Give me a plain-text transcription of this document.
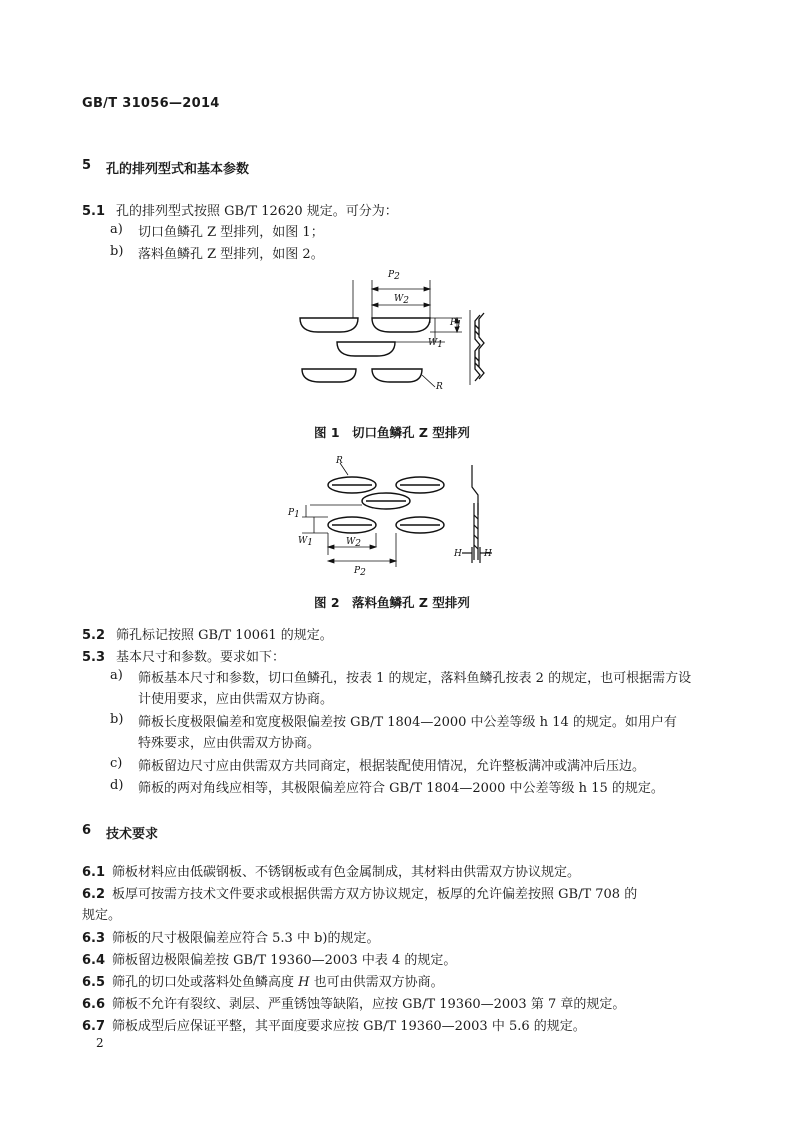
GB/T 31056—2014
5 孔的排列型式和基本参数
5.1 孔的排列型式按照 GB/T 12620 规定。可分为：
a) 切口鱼鳞孔 Z 型排列，如图 1；
b) 落料鱼鳞孔 Z 型排列，如图 2。
P2
W2
P1
W1
R
图 1　切口鱼鳞孔 Z 型排列
R
P1
W1	W2
P2
H H
图 2　落料鱼鳞孔 Z 型排列
5.2 筛孔标记按照 GB/T 10061 的规定。
5.3 基本尺寸和参数。要求如下：
a) 筛板基本尺寸和参数，切口鱼鳞孔，按表 1 的规定，落料鱼鳞孔按表 2 的规定，也可根据需方设
计使用要求，应由供需双方协商。
b) 筛板长度极限偏差和宽度极限偏差按 GB/T 1804—2000 中公差等级 h 14 的规定。如用户有
特殊要求，应由供需双方协商。
c) 筛板留边尺寸应由供需双方共同商定，根据装配使用情况，允许整板满冲或满冲后压边。
d) 筛板的两对角线应相等，其极限偏差应符合 GB/T 1804—2000 中公差等级 h 15 的规定。
6 技术要求
6.1 筛板材料应由低碳钢板、不锈钢板或有色金属制成，其材料由供需双方协议规定。
6.2 板厚可按需方技术文件要求或根据供需方双方协议规定，板厚的允许偏差按照 GB/T 708 的
规定。
6.3 筛板的尺寸极限偏差应符合 5.3 中 b)的规定。
6.4 筛板留边极限偏差按 GB/T 19360—2003 中表 4 的规定。
6.5 筛孔的切口处或落料处鱼鳞高度 H 也可由供需双方协商。
6.6 筛板不允许有裂纹、剥层、严重锈蚀等缺陷，应按 GB/T 19360—2003 第 7 章的规定。
6.7 筛板成型后应保证平整，其平面度要求应按 GB/T 19360—2003 中 5.6 的规定。
2
